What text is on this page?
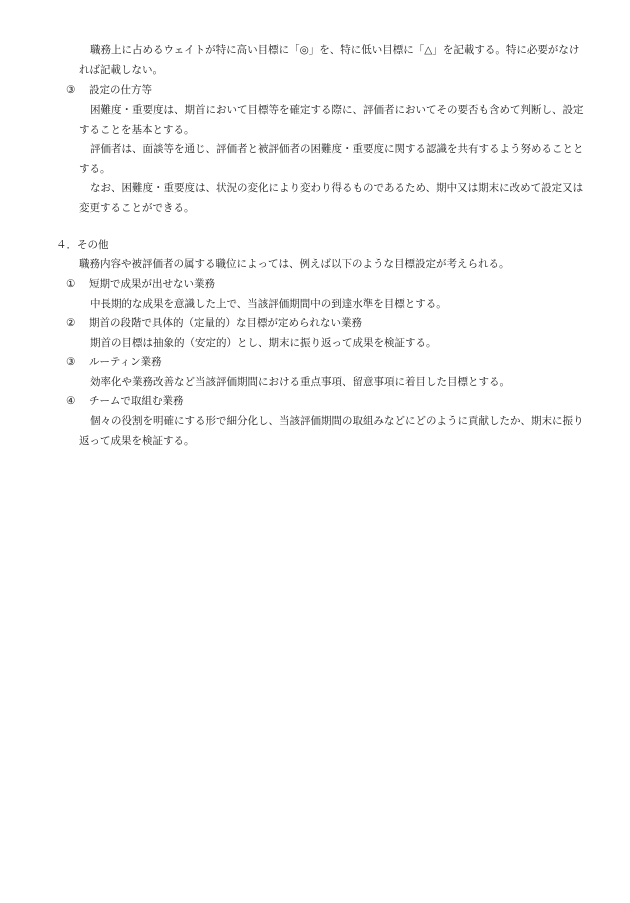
職務上に占めるウェイトが特に高い目標に「◎」を、特に低い目標に「△」を記載する。特に必要がなけ
れば記載しない。
③ 設定の仕方等
困難度・重要度は、期首において目標等を確定する際に、評価者においてその要否も含めて判断し、設定
することを基本とする。
評価者は、面談等を通じ、評価者と被評価者の困難度・重要度に関する認識を共有するよう努めることと
する。
なお、困難度・重要度は、状況の変化により変わり得るものであるため、期中又は期末に改めて設定又は
変更することができる。
４．その他
職務内容や被評価者の属する職位によっては、例えば以下のような目標設定が考えられる。
① 短期で成果が出せない業務
中長期的な成果を意識した上で、当該評価期間中の到達水準を目標とする。
② 期首の段階で具体的（定量的）な目標が定められない業務
期首の目標は抽象的（安定的）とし、期末に振り返って成果を検証する。
③ ルーティン業務
効率化や業務改善など当該評価期間における重点事項、留意事項に着目した目標とする。
④ チームで取組む業務
個々の役割を明確にする形で細分化し、当該評価期間の取組みなどにどのように貢献したか、期末に振り
返って成果を検証する。
